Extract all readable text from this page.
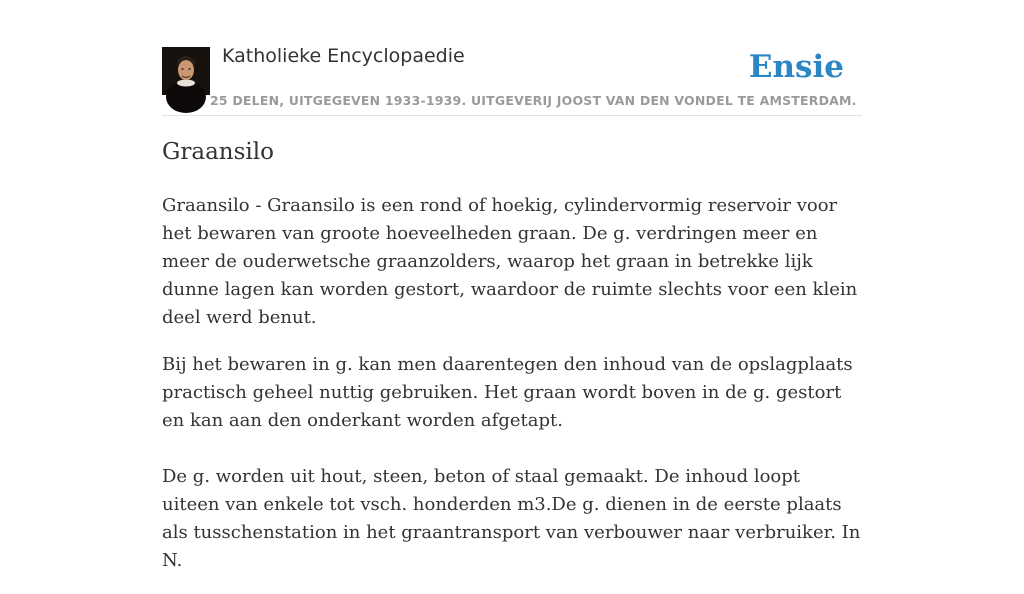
Katholieke Encyclopaedie
25 DELEN, UITGEGEVEN 1933-1939. UITGEVERIJ JOOST VAN DEN VONDEL TE AMSTERDAM.
Ensie
Graansilo

Graansilo - Graansilo is een rond of hoekig, cylindervormig reservoir voor het bewaren van groote hoeveelheden graan. De g. verdringen meer en meer de ouderwetsche graanzolders, waarop het graan in betrekke lijk dunne lagen kan worden gestort, waardoor de ruimte slechts voor een klein deel werd benut.

Bij het bewaren in g. kan men daarentegen den inhoud van de opslagplaats practisch geheel nuttig gebruiken. Het graan wordt boven in de g. gestort en kan aan den onderkant worden afgetapt.

De g. worden uit hout, steen, beton of staal gemaakt. De inhoud loopt uiteen van enkele tot vsch. honderden m3.De g. dienen in de eerste plaats als tusschenstation in het graantransport van verbouwer naar verbruiker. In N.
